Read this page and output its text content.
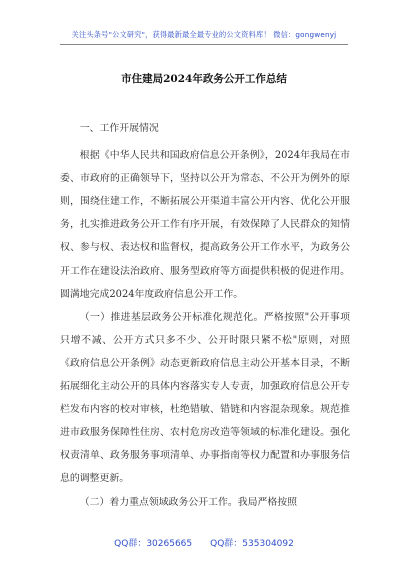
关注头条号"公文研究"，获得最新最全最专业的公文资料库！ 微信：gongwenyj
市住建局2024年政务公开工作总结

一、工作开展情况

根据《中华人民共和国政府信息公开条例》，2024年我局在市委、市政府的正确领导下，坚持以公开为常态、不公开为例外的原则，围绕住建工作，不断拓展公开渠道丰富公开内容、优化公开服务，扎实推进政务公开工作有序开展，有效保障了人民群众的知情权、参与权、表达权和监督权，提高政务公开工作水平，为政务公开工作在建设法治政府、服务型政府等方面提供积极的促进作用。圆满地完成2024年度政府信息公开工作。

（一）推进基层政务公开标准化规范化。严格按照"公开事项只增不减、公开方式只多不少、公开时限只紧不松"原则，对照《政府信息公开条例》动态更新政府信息主动公开基本目录，不断拓展细化主动公开的具体内容落实专人专责，加强政府信息公开专栏发布内容的校对审核，杜绝错敏、错链和内容混杂现象。规范推进市政服务保障性住房、农村危房改造等领域的标准化建设。强化权责清单、政务服务事项清单、办事指南等权力配置和办事服务信息的调整更新。

（二）着力重点领域政务公开工作。我局严格按照

QQ群：30265665 QQ群：535304092
